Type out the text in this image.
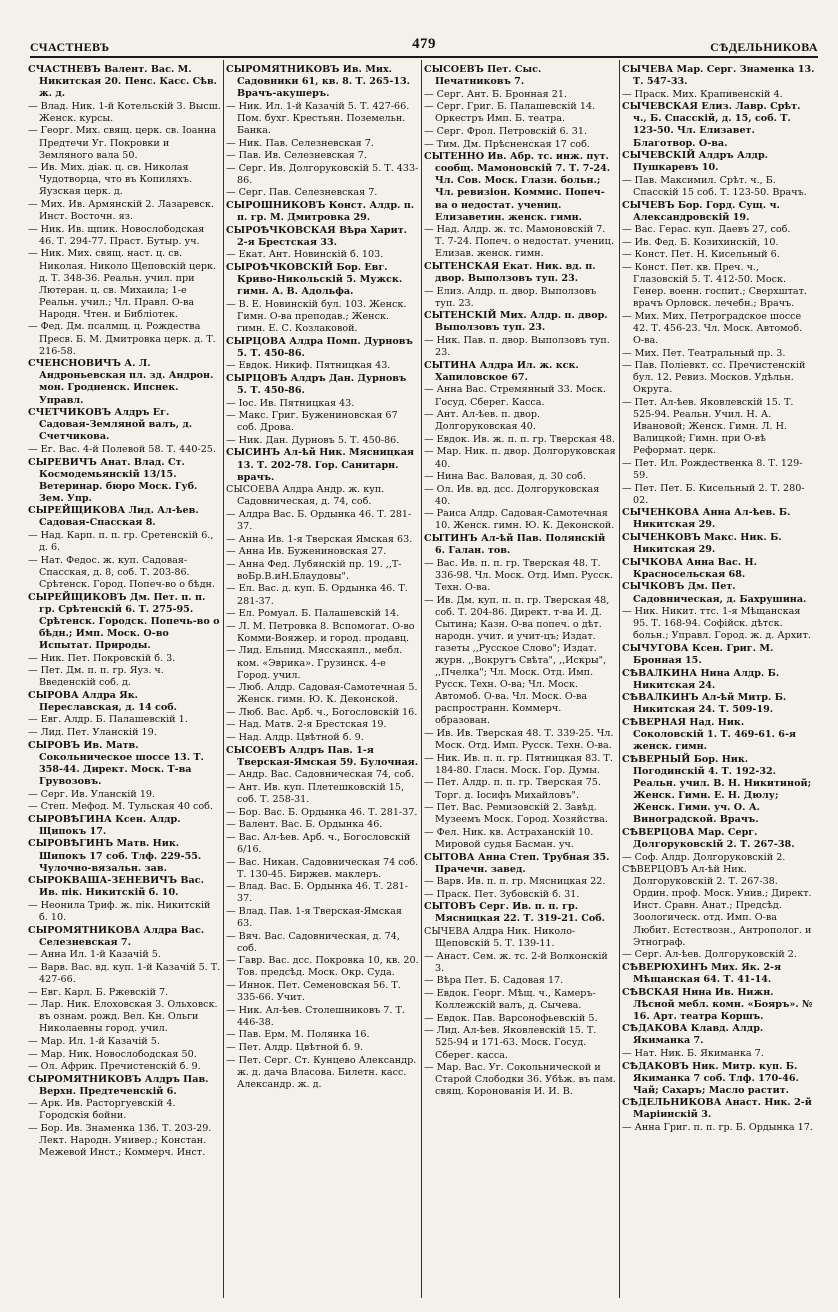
СЧАСТНЕВЪ	479	СѢДЕЛЬНИКОВА
СЧАСТНЕВЪ Валент. Вас. М. Никитская 20. Пенс. Касс. Сѣв. ж. д.
— Влад. Ник. 1-й Котельскій 3. Высш. Женск. курсы.
— Георг. Мих. свящ. церк. св. Іоанна Предтечи Уг. Покровки и Земляного вала 50.
— Ив. Мих. діак. ц. св. Николая Чудотворца, что въ Копиляхъ. Яузская церк. д.
— Мих. Ив. Армянскій 2. Лазаревск. Инст. Восточн. яз.
— Ник. Ив. щпик. Новослободская 46. Т. 294-77. Прaст. Бутыр. уч.
— Ник. Мих. свящ. наст. ц. св. Николая. Николо Щеповскій церк. д. Т. 348-36. Реальн. учил. при Лютеран. ц. св. Михаила; 1-е Реальн. учил.; Чл. Правл. О-ва Народн. Чтен. и Библіотек.
— Фед. Дм. псалмщ. ц. Рождества Пресв. Б. М. Дмитровка церк. д. Т. 216-58.
СЧЕНСНОВИЧЪ А. Л. Андроньевская пл. зд. Андрон. мон. Гродненск. Ипснек. Управл.
СЧЕТЧИКОВЪ Алдръ Ег. Садовая-Земляной валъ, д. Счетчикова.
— Ег. Вас. 4-й Полевой 58. Т. 440-25.
СЫРЕВИЧЪ Анат. Влад. Ст. Космодемьянскій 13/15. Ветеринар. бюро Моск. Губ. Зем. Упр.
СЫРЕЙЩИКОВА Лид. Ал-ѣев. Садовая-Спасская 8.
— Над. Карп. п. п. гр. Сретенскій 6., д. 6.
— Нат. Федос. ж. куп. Садовая-Спасская, д. 8, соб. Т. 203-86. Срѣтенск. Город. Попеч-во о бѣдн.
СЫРЕЙЩИКОВЪ Дм. Пет. п. п. гр. Срѣтенскій 6. Т. 275-95. Срѣтенск. Городск. Попечь-во о бѣдн.; Имп. Моск. О-во Испытат. Природы.
— Ник. Пет. Покровскій б. 3.
— Пет. Дм. п. п. гр. Яуз. ч. Введенскій соб. д.
СЫРОВА Алдра Як. Переславская, д. 14 соб.
— Евг. Алдр. Б. Палашевскій 1.
— Лид. Пет. Уланскій 19.
СЫРОВЪ Ив. Матв. Сокольническое шоссе 13. Т. 358-44. Директ. Моск. Т-ва Грувозовъ.
— Серг. Ив. Уланскій 19.
— Степ. Мефод. М. Тульская 40 соб.
СЫРОВѢГИНА Ксен. Алдр. Щипокъ 17.
СЫРОВѢГИНЪ Матв. Ник. Шипокъ 17 соб. Тлф. 229-55. Чулочно-вязальн. зав.
СЫРОКВАША-ЗЕНЕВИЧЪ Вас. Ив. пік. Никитскій б. 10.
— Неонила Триф. ж. пік. Никитскій б. 10.
СЫРОМЯТНИКОВА Алдра Вас. Селезневская 7.
— Анна Ил. 1-й Казачій 5.
— Варв. Вас. вд. куп. 1-й Казачій 5. Т. 427-66.
— Евг. Карл. Б. Ржевскій 7.
— Лар. Ник. Елоховская 3. Ольховск. въ ознам. рожд. Вел. Кн. Ольги Николаевны город. учил.
— Мар. Ил. 1-й Казачій 5.
— Мар. Ник. Новослободская 50.
— Ол. Африк. Пречистенскій б. 9.
СЫРОМЯТНИКОВЪ Алдръ Пав. Верхн. Предтеченскій 6.
— Арк. Ив. Расторгуевскій 4. Городскія бойни.
— Бор. Ив. Знаменка 13б. Т. 203-29. Лект. Народн. Универ.; Констан. Межевой Инст.; Коммерч. Инст.
СЫРОМЯТНИКОВЪ Ив. Мих. Садовники 61, кв. 8. Т. 265-13. Врачъ-акушеръ.
— Ник. Ил. 1-й Казачій 5. Т. 427-66. Пом. бухг. Крестьян. Поземельн. Банка.
— Ник. Пав. Селезневская 7.
— Пав. Ив. Селезневская 7.
— Серг. Ив. Долгоруковскій 5. Т. 433-86.
— Серг. Пав. Селезневская 7.
СЫРОШНИКОВЪ Конст. Алдр. п. п. гр. М. Дмитровка 29.
СЫРОѢЧКОВСКАЯ Вѣра Харит. 2-я Брестская 33.
— Екат. Ант. Новинскій б. 103.
СЫРОѢЧКОВСКІЙ Бор. Евг. Криво-Никольскій 5. Мужск. гимн. А. В. Адольфа.
— В. Е. Новинскій бул. 103. Женск. Гимн. О-ва преподав.; Женск. гимн. Е. С. Козлаковой.
СЫРЦОВА Алдра Помп. Дурновъ 5. Т. 450-86.
— Евдок. Никиф. Пятницкая 43.
СЫРЦОВЪ Алдръ Дан. Дурновъ 5. Т. 450-86.
— Іос. Ив. Пятницкая 43.
— Макс. Григ. Бужениновская 67 соб. Дрова.
— Ник. Дан. Дурновъ 5. Т. 450-86.
СЫСИНЪ Ал-ѣй Ник. Мясницкая 13. Т. 202-78. Гор. Санитарн. врачъ.
СЫСОЕВА Алдра Андр. ж. куп. Садовническая, д. 74, соб.
— Алдра Вас. Б. Ордынка 46. Т. 281-37.
— Анна Ив. 1-я Тверская Ямская 63.
— Анна Ив. Бужениновская 27.
— Анна Фед. Лубянскій пр. 19. ,,Т-воБр.В.иН.Блаудовы".
— Ел. Вас. д. куп. Б. Ордынка 46. Т. 281-37.
— Ел. Ромуал. Б. Палашевскій 14.
— Л. М. Петровка 8. Вспомогат. О-во Комми-Вояжер. и город. продавц.
— Лид. Ельпид. Мясскаяпл., мебл. ком. «Эврика». Грузинск. 4-е Город. учил.
— Люб. Алдр. Садовая-Самотечная 5. Женск. гимн. Ю. К. Деконской.
— Люб. Вас. Арб. ч., Богословскій 16.
— Над. Матв. 2-я Брестская 19.
— Над. Алдр. Цвѣтной б. 9.
СЫСОЕВЪ Алдръ Пав. 1-я Тверская-Ямская 59. Булочная.
— Андр. Вас. Садовническая 74, соб.
— Ант. Ив. куп. Плетешковскій 15, соб. Т. 258-31.
— Бор. Вас. Б. Ордынка 46. Т. 281-37.
— Валент. Вас. Б. Ордынка 46.
— Вас. Ал-ѣев. Арб. ч., Богословскій 6/16.
— Вас. Никан. Садовническая 74 соб. Т. 130-45. Биржев. маклеръ.
— Влад. Вас. Б. Ордынка 46. Т. 281-37.
— Влад. Пав. 1-я Тверская-Ямская 63.
— Вяч. Вас. Садовническая, д. 74, соб.
— Гавр. Вас. дсс. Покровка 10, кв. 20. Тов. предсѣд. Моск. Окр. Суда.
— Иннок. Пет. Семеновская 56. Т. 335-66. Учит.
— Ник. Ал-ѣев. Столешниковъ 7. Т. 446-38.
— Пав. Ерм. М. Полянка 16.
— Пет. Алдр. Цвѣтной б. 9.
— Пет. Серг. Ст. Кунцево Александр. ж. д. дача Власова. Билетн. касс. Александр. ж. д.
СЫСОЕВЪ Пет. Сыс. Печатниковъ 7.
— Серг. Ант. Б. Бронная 21.
— Серг. Григ. Б. Палашевскій 14. Оркестръ Имп. Б. театра.
— Серг. Фрол. Петровскій 6. 31.
— Тим. Дм. Прѣсненская 17 соб.
СЫТЕННО Ив. Абр. тс. инж. пут. сообщ. Мамоновскій 7. Т. 7-24. Чл. Сов. Моск. Глазн. больн.; Чл. ревизіон. Коммис. Попеч-ва о недостат. учениц. Елизаветин. женск. гимн.
— Над. Алдр. ж. тс. Мамоновскій 7. Т. 7-24. Попеч. о недостат. учениц. Елизав. женск. гимн.
СЫТЕНСКАЯ Екат. Ник. вд. п. двор. Выползовъ туп. 23.
— Елиз. Алдр. п. двор. Выползовъ туп. 23.
СЫТЕНСКІЙ Мих. Алдр. п. двор. Выползовъ туп. 23.
— Ник. Пав. п. двор. Выползовъ туп. 23.
СЫТИНА Алдра Ил. ж. кск. Хапиловское 67.
— Анна Вас. Стремянный 33. Моск. Госуд. Сберег. Касса.
— Ант. Ал-ѣев. п. двор. Долгоруковская 40.
— Евдок. Ив. ж. п. п. гр. Тверская 48.
— Мар. Ник. п. двор. Долгоруковская 40.
— Нина Вас. Валовая, д. 30 соб.
— Ол. Ив. вд. дсс. Долгоруковская 40.
— Раиса Алдр. Садовая-Самотечная 10. Женск. гимн. Ю. К. Деконской.
СЫТИНЪ Ал-ѣй Пав. Полянскій 6. Галан. тов.
— Вас. Ив. п. п. гр. Тверская 48. Т. 336-98. Чл. Моск. Отд. Имп. Русск. Техн. О-ва.
— Ив. Дм. куп. п. п. гр. Тверская 48, соб. Т. 204-86. Директ. т-ва И. Д. Сытина; Казн. О-ва попеч. о дѣт. народн. учит. и учит-цъ; Издат. газеты ,,Русское Слово"; Издат. журн. ,,Вокругъ Свѣта", ,,Искры", ,,Пчелка"; Чл. Моск. Отд. Имп. Русск. Техн. О-ва; Чл. Моск. Автомоб. О-ва. Чл. Моск. О-ва распространн. Коммерч. образован.
— Ив. Ив. Тверская 48. Т. 339-25. Чл. Моск. Отд. Имп. Русск. Техн. О-ва.
— Ник. Ив. п. п. гр. Пятницкая 83. Т. 184-80. Гласн. Моск. Гор. Думы.
— Пет. Алдр. п. п. гр. Тверская 75. Торг. д. Іосифъ Михайловъ".
— Пет. Вас. Ремизовскій 2. Завѣд. Музеемъ Моск. Город. Хозяйства.
— Фел. Ник. кв. Астраханскій 10. Мировой судья Басман. уч.
СЫТОВА Анна Степ. Трубная 35. Прачечн. завед.
— Варв. Ив. п. п. гр. Мясницкая 22.
— Праск. Пет. Зубовскій б. 31.
СЫТОВЪ Серг. Ив. п. п. гр. Мясницкая 22. Т. 319-21. Соб.
СЫЧЕВА Алдра Ник. Николо-Щеповскій 5. Т. 139-11.
— Анаст. Сем. ж. тс. 2-й Волконскій 3.
— Вѣра Пет. Б. Садовая 17.
— Евдок. Георг. Мѣщ. ч., Камеръ-Коллежскій валъ, д. Сычева.
— Евдок. Пав. Варсонофьевскій 5.
— Лид. Ал-ѣев. Яковлевскій 15. Т. 525-94 и 171-63. Моск. Госуд. Сберег. касса.
— Мар. Вас. Уг. Сокольнической и Старой Слободки 36. Убѣж. въ пам. свящ. Коронованія И. И. В.
СЫЧЕВА Мар. Серг. Знаменка 13. Т. 547-33.
— Праск. Мих. Крапивенскій 4.
СЫЧЕВСКАЯ Елиз. Лавр. Срѣт. ч., Б. Спасскій, д. 15, соб. Т. 123-50. Чл. Елизавет. Благотвор. О-ва.
СЫЧЕВСКІЙ Алдръ Алдр. Пушкаревъ 10.
— Пав. Максимил. Срѣт. ч., Б. Спасскій 15 соб. Т. 123-50. Врачъ.
СЫЧЕВЪ Бор. Горд. Сущ. ч. Александровскій 19.
— Вас. Герас. куп. Даевъ 27, соб.
— Ив. Фед. Б. Козихинскій, 10.
— Конст. Пет. Н. Кисельный 6.
— Конст. Пет. кв. Преч. ч., Глазовскій 5. Т. 412-50. Моск. Генер. военн. госпит.; Сверхштат. врачъ Орловск. лечебн.; Врачъ.
— Мих. Мих. Петроградское шоссе 42. Т. 456-23. Чл. Моск. Автомоб. О-ва.
— Мих. Пет. Театральный пр. 3.
— Пав. Поліевкт. сс. Пречистенскій бул. 12. Ревиз. Москов. Удѣльн. Округа.
— Пет. Ал-ѣев. Яковлевскій 15. Т. 525-94. Реальн. Учил. Н. А. Ивановой; Женск. Гимн. Л. Н. Валицкой; Гимн. при О-вѣ Реформат. церк.
— Пет. Ил. Рождественка 8. Т. 129-59.
— Пет. Пет. Б. Кисельный 2. Т. 280-02.
СЫЧЕНКОВА Анна Ал-ѣев. Б. Никитская 29.
СЫЧЕНКОВЪ Макс. Ник. Б. Никитская 29.
СЫЧКОВА Анна Вас. Н. Красносельская 68.
СЫЧКОВЪ Дм. Пет. Садовническая, д. Бахрушина.
— Ник. Никит. ттс. 1-я Мѣщанская 95. Т. 168-94. Софійск. дѣтск. больн.; Управл. Город. ж. д. Архит.
СЫЧУГОВА Ксен. Григ. М. Бронная 15.
СѢВАЛКИНА Нина Алдр. Б. Никитская 24.
СѢВАЛКИНЪ Ал-ѣй Митр. Б. Никитская 24. Т. 509-19.
СѢВЕРНАЯ Над. Ник. Соколовскій 1. Т. 469-61. 6-я женск. гимн.
СѢВЕРНЫЙ Бор. Ник. Погодинскій 4. Т. 192-32. Реальн. учил. В. Н. Никитиной; Женск. Гимн. Е. Н. Дюлу; Женск. Гимн. уч. О. А. Виноградской. Врачъ.
СѢВЕРЦОВА Мар. Серг. Долгоруковскій 2. Т. 267-38.
— Соф. Алдр. Долгоруковскій 2.
СѢВЕРЦОВЪ Ал-ѣй Ник. Долгоруковскій 2. Т. 267-38. Ордин. проф. Моск. Унив.; Директ. Инст. Сравн. Анат.; Предсѣд. Зоологическ. отд. Имп. О-ва Любит. Естествозн., Антрополог. и Этнограф.
— Серг. Ал-ѣев. Долгоруковскій 2.
СѢВЕРЮХИНЪ Мих. Як. 2-я Мѣщанская 64. Т. 41-14.
СѢВСКАЯ Нина Ив. Нижн. Лѣсной мебл. комн. «Бояръ». № 16. Арт. театра Коршъ.
СѢДАКОВА Клавд. Алдр. Якиманка 7.
— Нат. Ник. Б. Якиманка 7.
СѢДАКОВЪ Ник. Митр. куп. Б. Якиманка 7 соб. Тлф. 170-46. Чай; Сахаръ; Масло растит.
СѢДЕЛЬНИКОВА Анаст. Ник. 2-й Маріинскій 3.
— Анна Григ. п. п. гр. Б. Ордынка 17.
